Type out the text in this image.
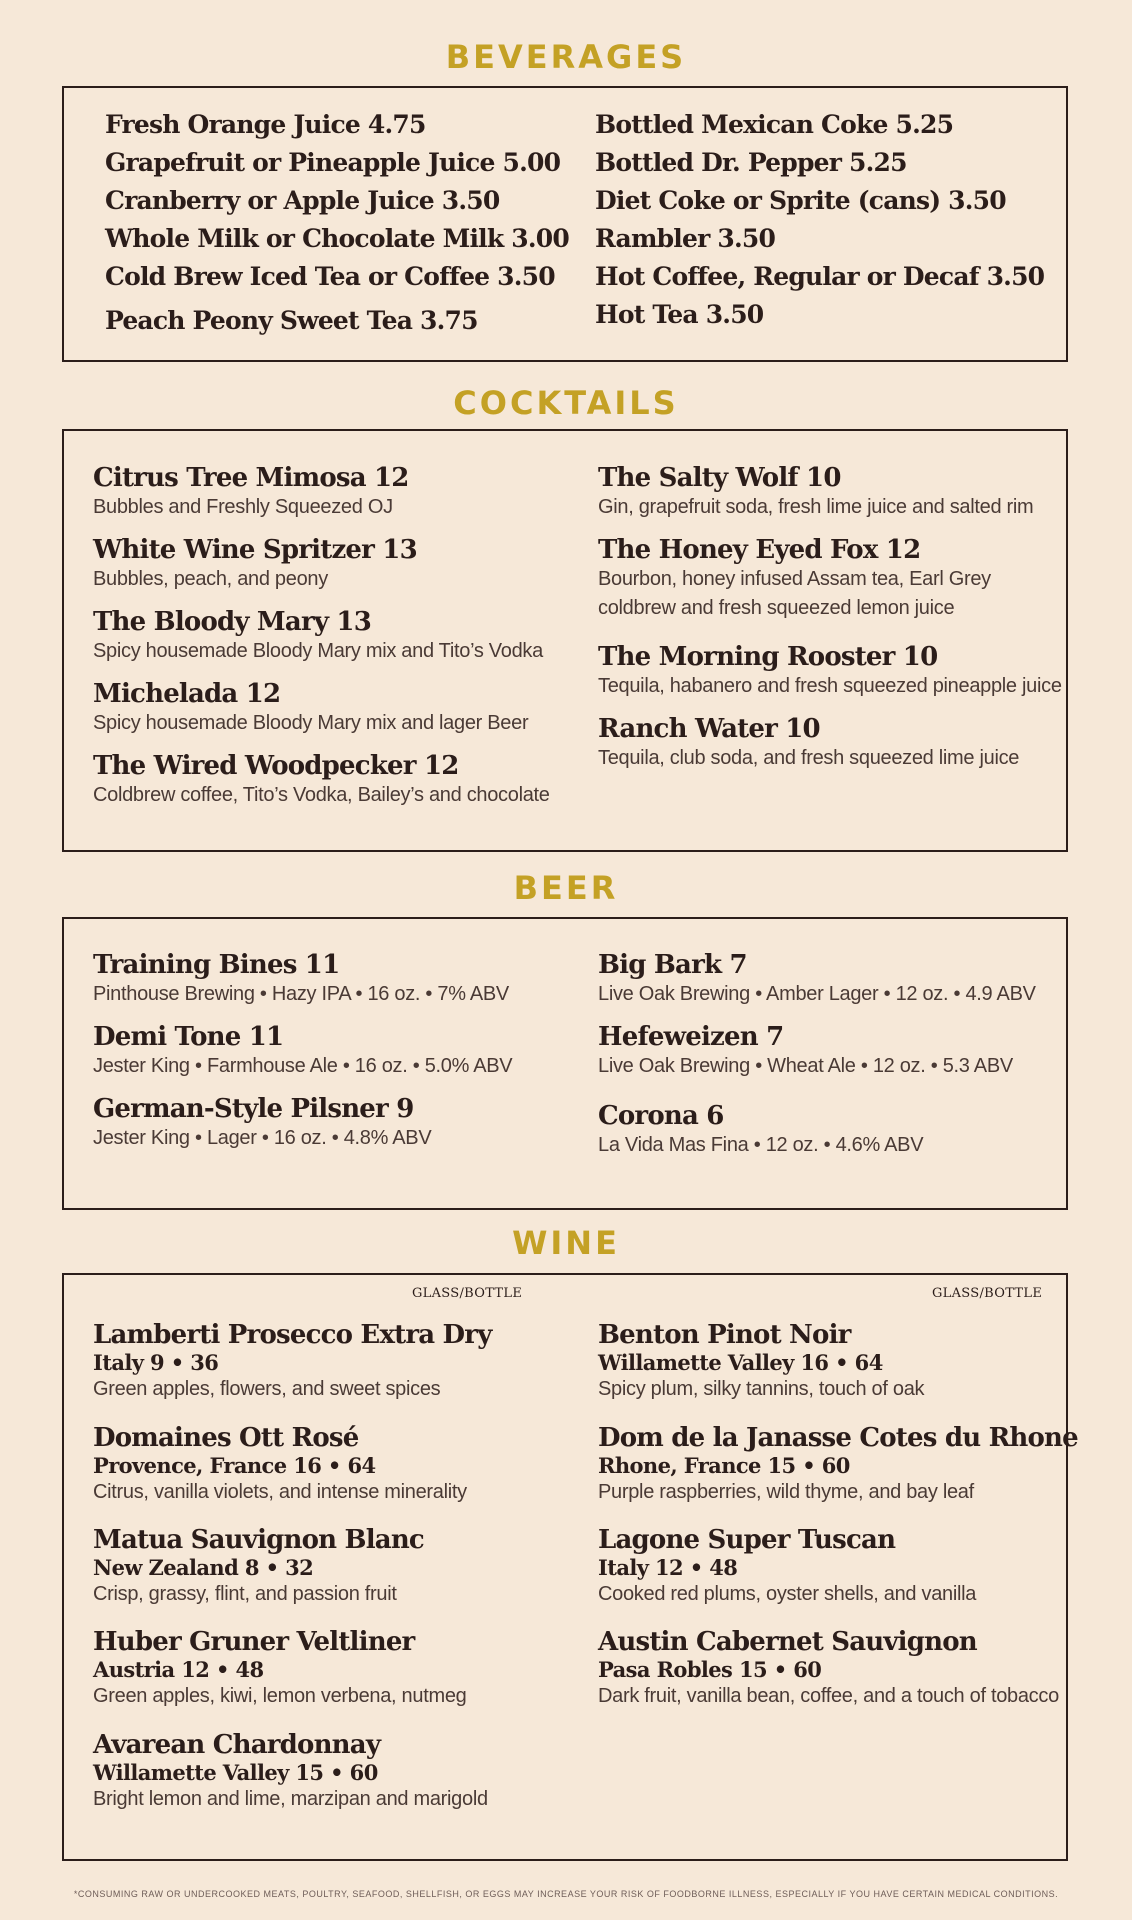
BEVERAGES
Fresh Orange Juice 4.75
Grapefruit or Pineapple Juice 5.00
Cranberry or Apple Juice 3.50
Whole Milk or Chocolate Milk 3.00
Cold Brew Iced Tea or Coffee 3.50
Peach Peony Sweet Tea 3.75
Bottled Mexican Coke 5.25
Bottled Dr. Pepper 5.25
Diet Coke or Sprite (cans) 3.50
Rambler 3.50
Hot Coffee, Regular or Decaf 3.50
Hot Tea 3.50
COCKTAILS
Citrus Tree Mimosa 12
Bubbles and Freshly Squeezed OJ
White Wine Spritzer 13
Bubbles, peach, and peony
The Bloody Mary 13
Spicy housemade Bloody Mary mix and Tito’s Vodka
Michelada 12
Spicy housemade Bloody Mary mix and lager Beer
The Wired Woodpecker 12
Coldbrew coffee, Tito’s Vodka, Bailey’s and chocolate
The Salty Wolf 10
Gin, grapefruit soda, fresh lime juice and salted rim
The Honey Eyed Fox 12
Bourbon, honey infused Assam tea, Earl Grey
coldbrew and fresh squeezed lemon juice
The Morning Rooster 10
Tequila, habanero and fresh squeezed pineapple juice
Ranch Water 10
Tequila, club soda, and fresh squeezed lime juice
BEER
Training Bines 11
Pinthouse Brewing • Hazy IPA • 16 oz. • 7% ABV
Demi Tone 11
Jester King • Farmhouse Ale • 16 oz. • 5.0% ABV
German-Style Pilsner 9
Jester King • Lager • 16 oz. • 4.8% ABV
Big Bark 7
Live Oak Brewing • Amber Lager • 12 oz. • 4.9 ABV
Hefeweizen 7
Live Oak Brewing • Wheat Ale • 12 oz. • 5.3 ABV
Corona 6
La Vida Mas Fina • 12 oz. • 4.6% ABV
WINE
GLASS/BOTTLE	GLASS/BOTTLE
Lamberti Prosecco Extra Dry
Italy 9 • 36
Green apples, flowers, and sweet spices
Domaines Ott Rosé
Provence, France 16 • 64
Citrus, vanilla violets, and intense minerality
Matua Sauvignon Blanc
New Zealand 8 • 32
Crisp, grassy, flint, and passion fruit
Huber Gruner Veltliner
Austria 12 • 48
Green apples, kiwi, lemon verbena, nutmeg
Avarean Chardonnay
Willamette Valley 15 • 60
Bright lemon and lime, marzipan and marigold
Benton Pinot Noir
Willamette Valley 16 • 64
Spicy plum, silky tannins, touch of oak
Dom de la Janasse Cotes du Rhone
Rhone, France 15 • 60
Purple raspberries, wild thyme, and bay leaf
Lagone Super Tuscan
Italy 12 • 48
Cooked red plums, oyster shells, and vanilla
Austin Cabernet Sauvignon
Pasa Robles 15 • 60
Dark fruit, vanilla bean, coffee, and a touch of tobacco
*CONSUMING RAW OR UNDERCOOKED MEATS, POULTRY, SEAFOOD, SHELLFISH, OR EGGS MAY INCREASE YOUR RISK OF FOODBORNE ILLNESS, ESPECIALLY IF YOU HAVE CERTAIN MEDICAL CONDITIONS.
